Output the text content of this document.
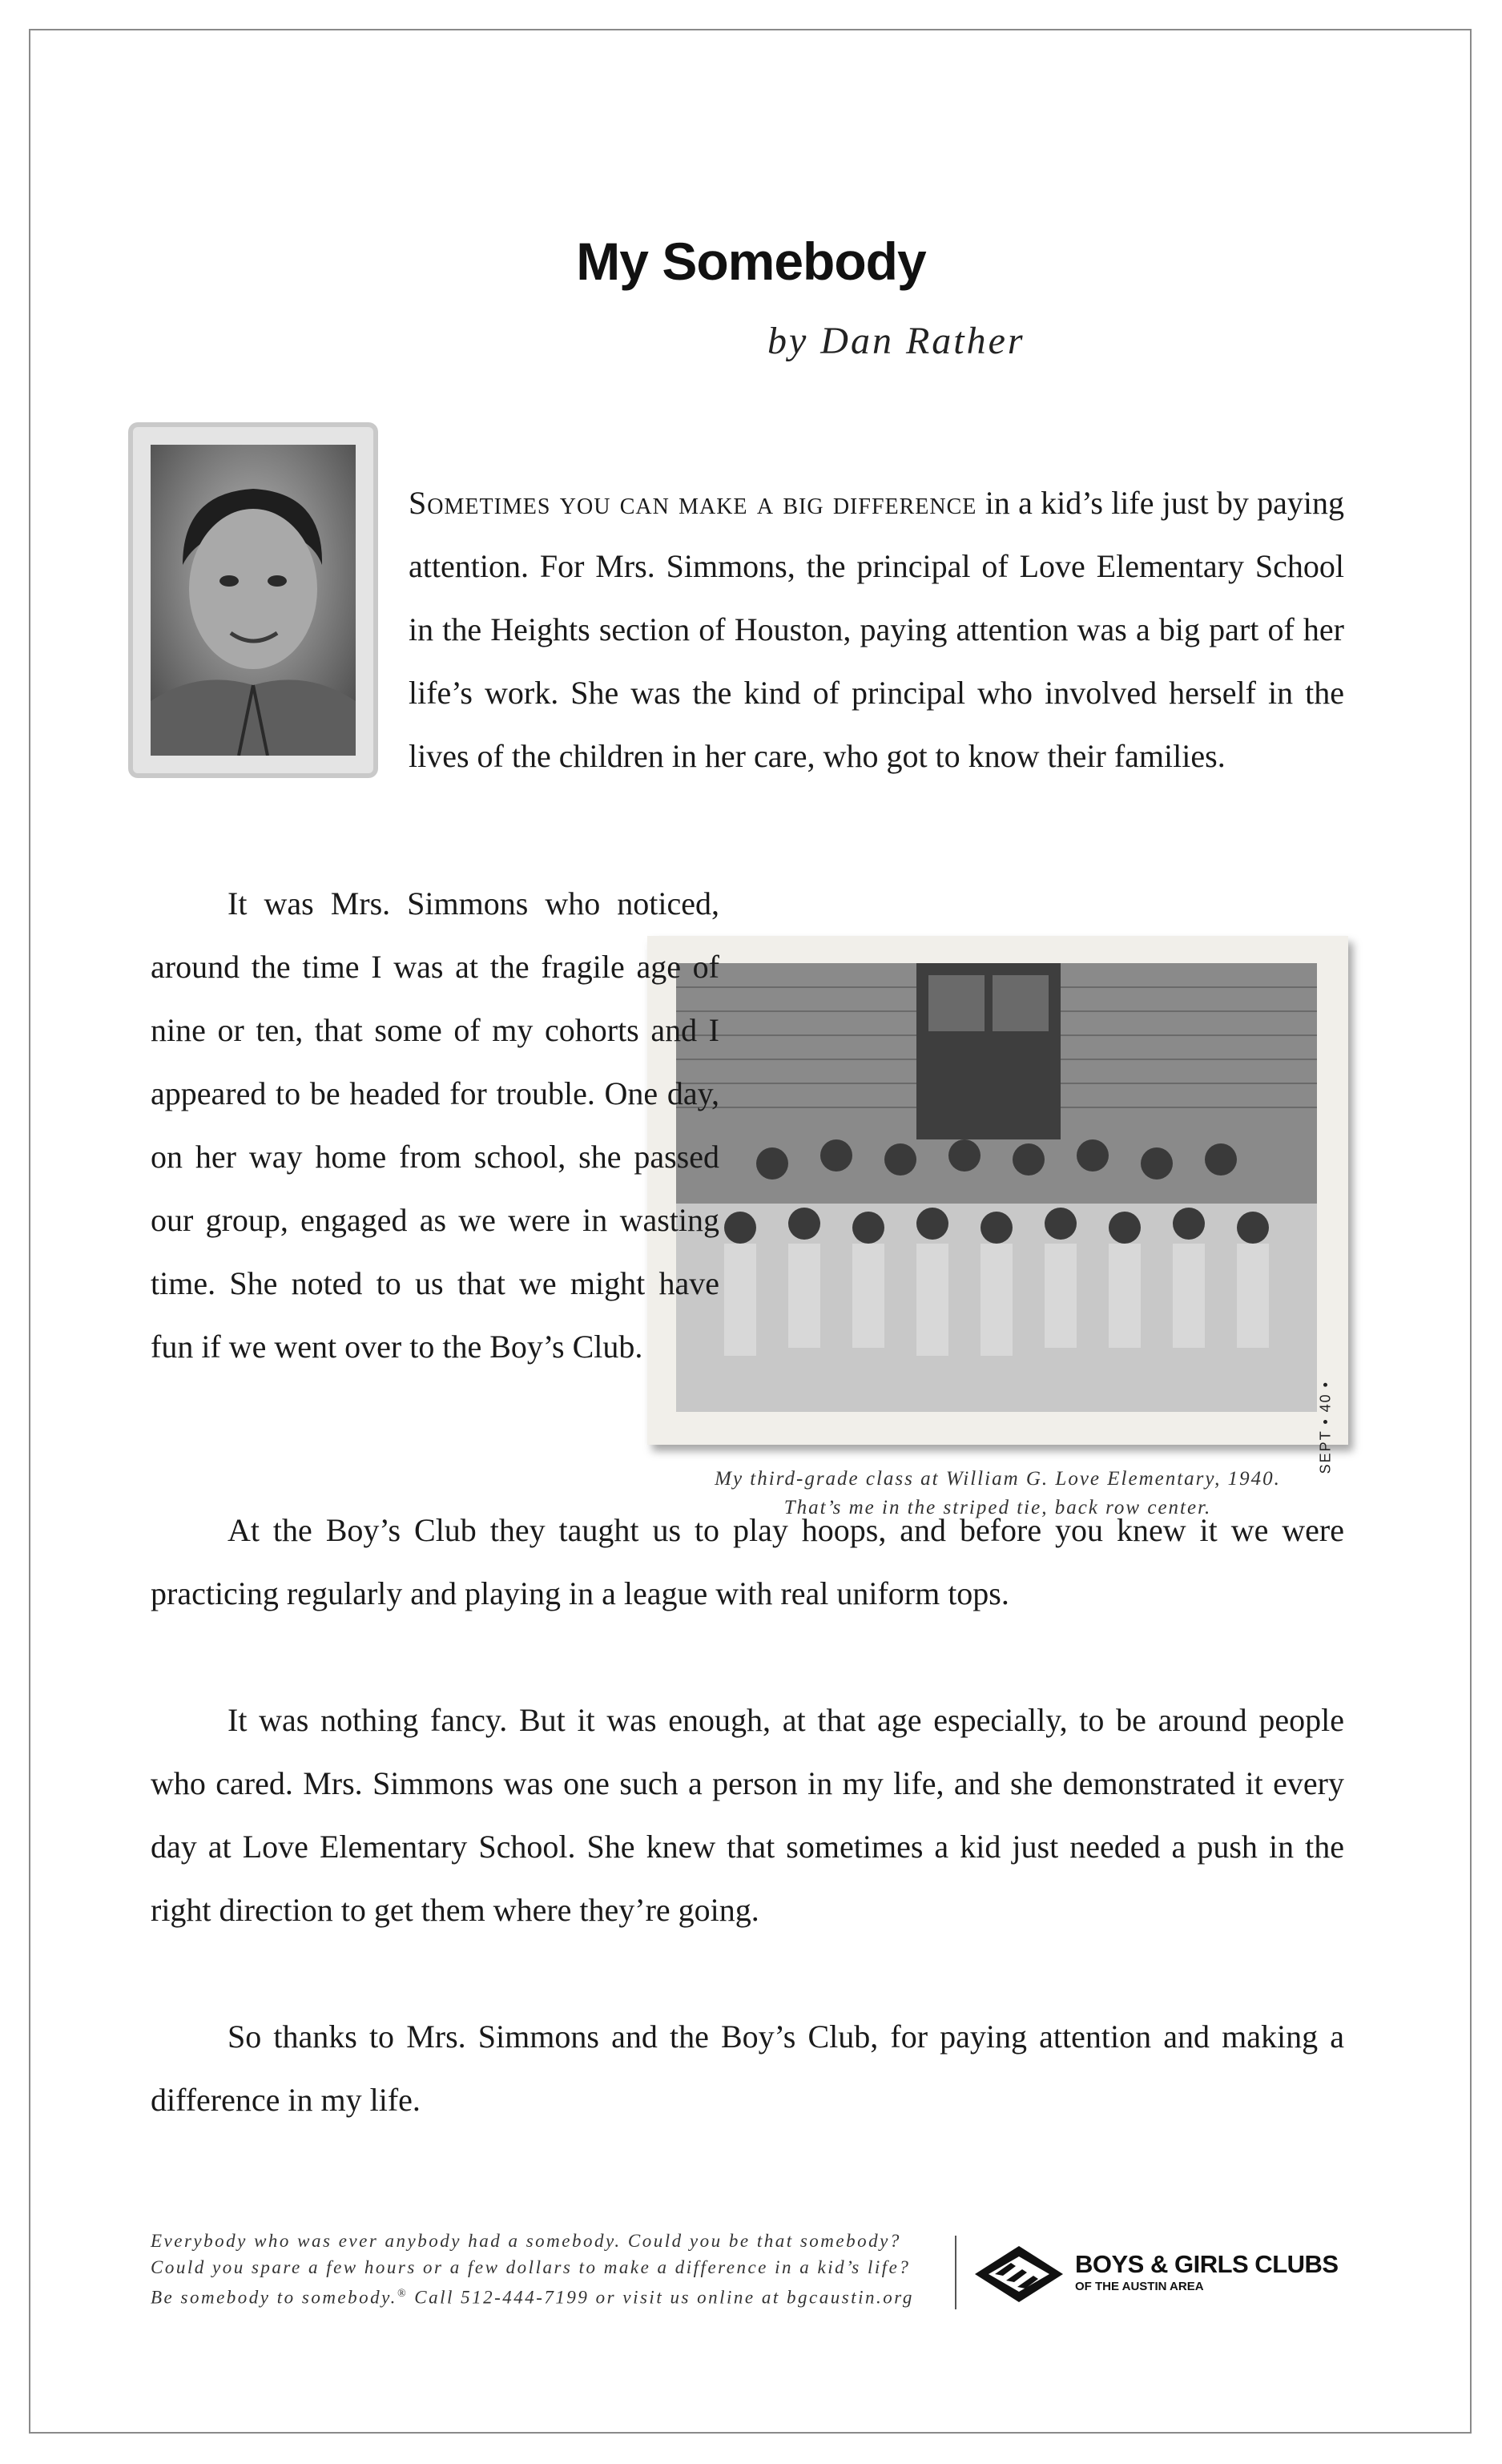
My Somebody
by Dan Rather
Sometimes you can make a big difference in a kid’s life just by paying attention. For Mrs. Simmons, the principal of Love Elementary School in the Heights section of Houston, paying attention was a big part of her life’s work. She was the kind of principal who involved herself in the lives of the children in her care, who got to know their families.
SEPT • 40 •
My third-grade class at William G. Love Elementary, 1940.
That’s me in the striped tie, back row center.
It was Mrs. Simmons who noticed, around the time I was at the fragile age of nine or ten, that some of my cohorts and I appeared to be headed for trouble. One day, on her way home from school, she passed our group, engaged as we were in wasting time. She noted to us that we might have fun if we went over to the Boy’s Club.
At the Boy’s Club they taught us to play hoops, and before you knew it we were practicing regularly and playing in a league with real uniform tops.
It was nothing fancy. But it was enough, at that age especially, to be around people who cared. Mrs. Simmons was one such a person in my life, and she demonstrated it every day at Love Elementary School. She knew that sometimes a kid just needed a push in the right direction to get them where they’re going.
So thanks to Mrs. Simmons and the Boy’s Club, for paying attention and making a difference in my life.
Everybody who was ever anybody had a somebody. Could you be that somebody?
Could you spare a few hours or a few dollars to make a difference in a kid’s life?
Be somebody to somebody.® Call 512-444-7199 or visit us online at bgcaustin.org
BOYS & GIRLS CLUBS
OF THE AUSTIN AREA
